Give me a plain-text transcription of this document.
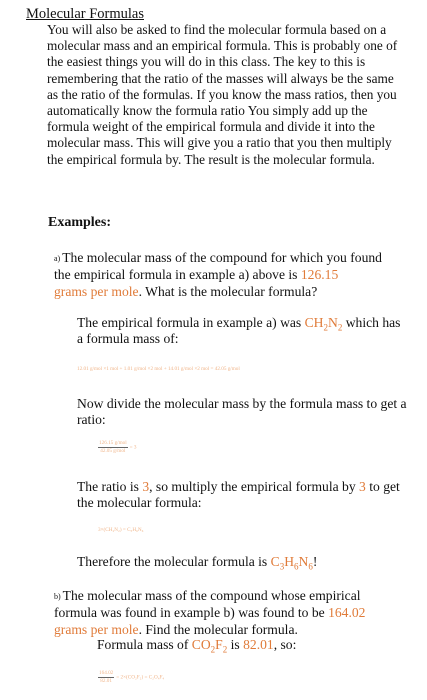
Molecular Formulas
You will also be asked to find the molecular formula based on a molecular mass and an empirical formula. This is probably one of the easiest things you will do in this class. The key to this is remembering that the ratio of the masses will always be the same as the ratio of the formulas. If you know the mass ratios, then you automatically know the formula ratio You simply add up the formula weight of the empirical formula and divide it into the molecular mass. This will give you a ratio that you then multiply the empirical formula by. The result is the molecular formula.
Examples:
a) The molecular mass of the compound for which you found the empirical formula in example a) above is 126.15
grams per mole. What is the molecular formula?
The empirical formula in example a) was $CH_2N_2$ which has a formula mass of:
12.01 g/mol ×1 mol + 1.01 g/mol ×2 mol + 14.01 g/mol ×2 mol = 42.05 g/mol
Now divide the molecular mass by the formula mass to get a ratio:
$\frac{\text{126.15 g/mol}}{\text{42.05 g/mol}} = 3$
The ratio is 3, so multiply the empirical formula by 3 to get the molecular formula:
3×(CH₂N₂) = C₃H₆N₆
Therefore the molecular formula is $C_3H_6N_6$!
b) The molecular mass of the compound whose empirical formula was found in example b) was found to be 164.02
grams per mole. Find the molecular formula.
Formula mass of $CO_2F_2$ is 82.01, so:
$\frac{164.02}{82.01} = 2\times(CO_2F_2) = C_2O_4F_4$
